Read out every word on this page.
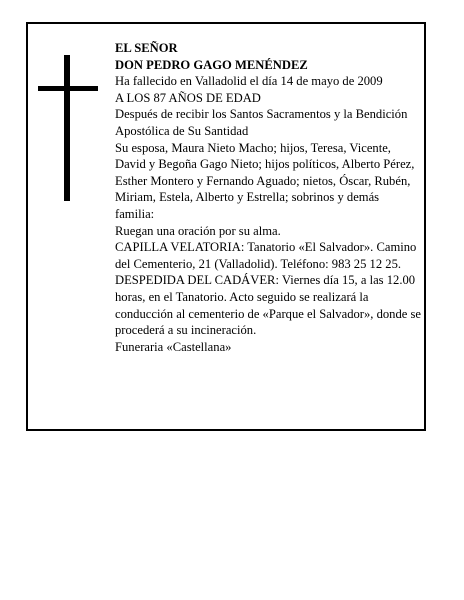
EL SEÑOR

DON PEDRO GAGO MENÉNDEZ

Ha fallecido en Valladolid el día 14 de mayo de 2009

A LOS 87 AÑOS DE EDAD

Después de recibir los Santos Sacramentos y la Bendición Apostólica de Su Santidad

Su esposa, Maura Nieto Macho; hijos, Teresa, Vicente, David y Begoña Gago Nieto; hijos políticos, Alberto Pérez, Esther Montero y Fernando Aguado; nietos, Óscar, Rubén, Miriam, Estela, Alberto y Estrella; sobrinos y demás familia:

Ruegan una oración por su alma.

CAPILLA VELATORIA: Tanatorio «El Salvador». Camino del Cementerio, 21 (Valladolid). Teléfono: 983 25 12 25.

DESPEDIDA DEL CADÁVER: Viernes día 15, a las 12.00 horas, en el Tanatorio. Acto seguido se realizará la conducción al cementerio de «Parque el Salvador», donde se procederá a su incineración.

Funeraria «Castellana»
